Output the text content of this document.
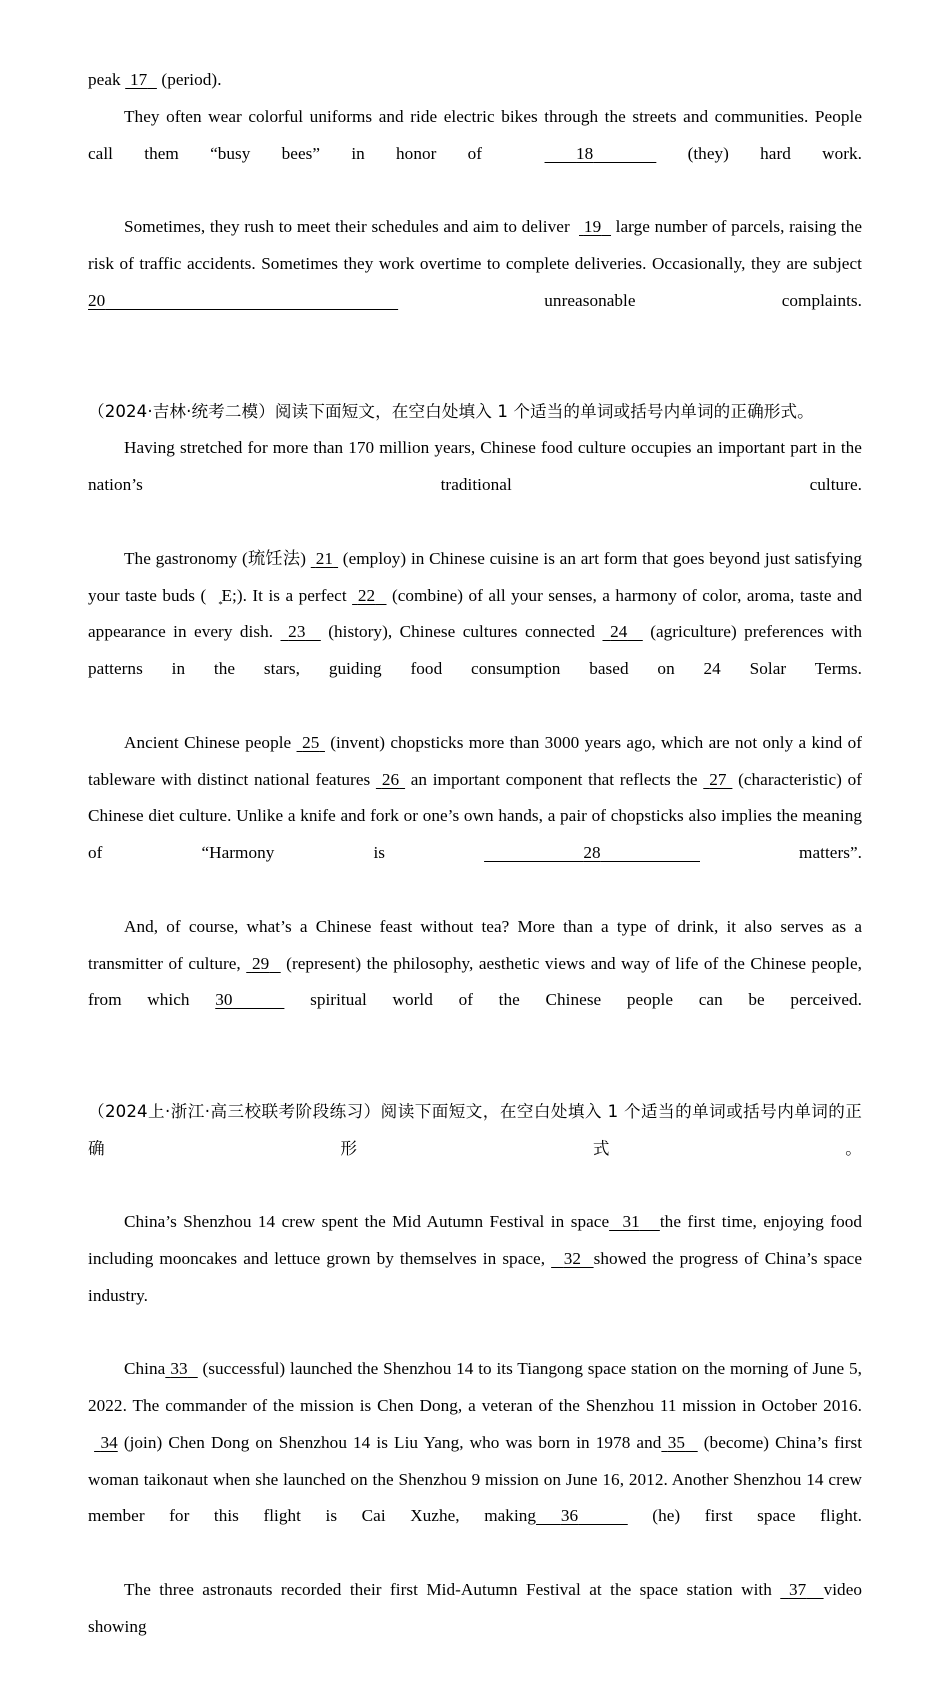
peak  17   (period).

They often wear colorful uniforms and ride electric bikes through the streets and communities. People call them “busy bees” in honor of   18	(they) hard work.

Sometimes, they rush to meet their schedules and aim to deliver   19   large number of parcels, raising the risk of traffic accidents. Sometimes they work overtime to complete deliveries. Occasionally, they are subject 20	unreasonable complaints.

（2024·吉林·统考二模）阅读下面短文，在空白处填入 1 个适当的单词或括号内单词的正确形式。

Having stretched for more than 170 million years, Chinese food culture occupies an important part in the nation’s traditional culture.

The gastronomy (琉饪法)  21  (employ) in Chinese cuisine is an art form that goes beyond just satisfying your taste buds (味͙E;). It is a perfect  22   (combine) of all your senses, a harmony of color, aroma, taste and appearance in every dish.  23   (history), Chinese cultures connected  24   (agriculture) preferences with patterns in the stars, guiding food consumption based on 24 Solar Terms.

Ancient Chinese people  25  (invent) chopsticks more than 3000 years ago, which are not only a kind of tableware with distinct national features  26  an important component that reflects the  27  (characteristic) of Chinese diet culture. Unlike a knife and fork or one’s own hands, a pair of chopsticks also implies the meaning of “Harmony is	28	matters”.

And, of course, what’s a Chinese feast without tea? More than a type of drink, it also serves as a transmitter of culture,  29   (represent) the philosophy, aesthetic views and way of life of the Chinese people, from which 30	spiritual world of the Chinese people can be perceived.

（2024上·浙江·高三校联考阶段练习）阅读下面短文，在空白处填入 1 个适当的单词或括号内单词的正确形式。

China’s Shenzhou 14 crew spent the Mid Autumn Festival in space 31 the first time, enjoying food including mooncakes and lettuce grown by themselves in space,   32 showed the progress of China’s space industry.

China 33   (successful) launched the Shenzhou 14 to its Tiangong space station on the morning of June 5, 2022. The commander of the mission is Chen Dong, a veteran of the Shenzhou 11 mission in October 2016.   34 (join) Chen Dong on Shenzhou 14 is Liu Yang, who was born in 1978 and 35   (become) China’s first woman taikonaut when she launched on the Shenzhou 9 mission on June 16, 2012. Another Shenzhou 14 crew member for this flight is Cai Xuzhe, making 36	(he) first space flight.

The three astronauts recorded their first Mid-Autumn Festival at the space station with  37 video showing
